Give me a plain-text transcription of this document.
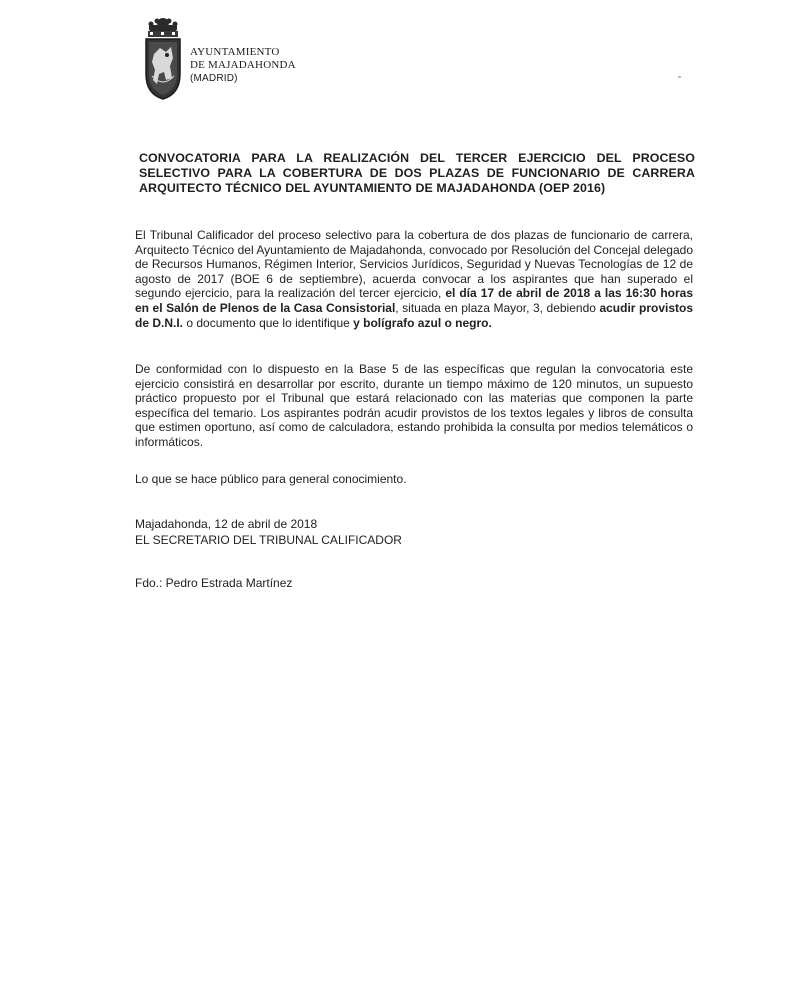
AYUNTAMIENTO
DE MAJADAHONDA
(MADRID)
CONVOCATORIA PARA LA REALIZACIÓN DEL TERCER EJERCICIO DEL PROCESO SELECTIVO PARA LA COBERTURA DE DOS PLAZAS DE FUNCIONARIO DE CARRERA ARQUITECTO TÉCNICO DEL AYUNTAMIENTO DE MAJADAHONDA (OEP 2016)
El Tribunal Calificador del proceso selectivo para la cobertura de dos plazas de funcionario de carrera, Arquitecto Técnico del Ayuntamiento de Majadahonda, convocado por Resolución del Concejal delegado de Recursos Humanos, Régimen Interior, Servicios Jurídicos, Seguridad y Nuevas Tecnologías de 12 de agosto de 2017 (BOE 6 de septiembre), acuerda convocar a los aspirantes que han superado el segundo ejercicio, para la realización del tercer ejercicio, el día 17 de abril de 2018 a las 16:30 horas en el Salón de Plenos de la Casa Consistorial, situada en plaza Mayor, 3, debiendo acudir provistos de D.N.I. o documento que lo identifique y bolígrafo azul o negro.
De conformidad con lo dispuesto en la Base 5 de las específicas que regulan la convocatoria este ejercicio consistirá en desarrollar por escrito, durante un tiempo máximo de 120 minutos, un supuesto práctico propuesto por el Tribunal que estará relacionado con las materias que componen la parte específica del temario. Los aspirantes podrán acudir provistos de los textos legales y libros de consulta que estimen oportuno, así como de calculadora, estando prohibida la consulta por medios telemáticos o informáticos.
Lo que se hace público para general conocimiento.
Majadahonda, 12 de abril de 2018
EL SECRETARIO DEL TRIBUNAL CALIFICADOR
Fdo.: Pedro Estrada Martínez
